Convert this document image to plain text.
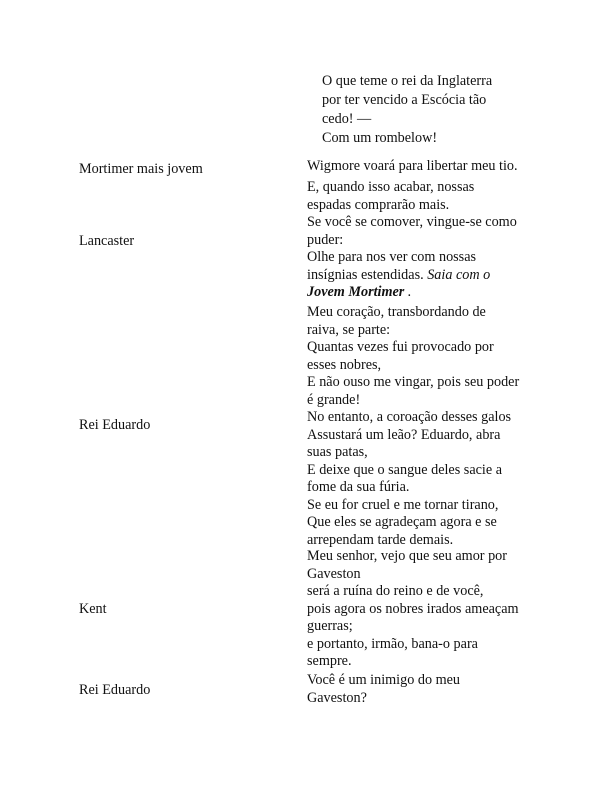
O que teme o rei da Inglaterra
por ter vencido a Escócia tão
cedo! —
Com um rombelow!
Mortimer mais jovem	Wigmore voará para libertar meu tio.
Lancaster
E, quando isso acabar, nossas
espadas comprarão mais.
Se você se comover, vingue-se como
puder:
Olhe para nos ver com nossas
insígnias estendidas. Saia com o
Jovem Mortimer .
Rei Eduardo
Meu coração, transbordando de
raiva, se parte:
Quantas vezes fui provocado por
esses nobres,
E não ouso me vingar, pois seu poder
é grande!
No entanto, a coroação desses galos
Assustará um leão? Eduardo, abra
suas patas,
E deixe que o sangue deles sacie a
fome da sua fúria.
Se eu for cruel e me tornar tirano,
Que eles se agradeçam agora e se
arrependam tarde demais.
Kent
Meu senhor, vejo que seu amor por
Gaveston
será a ruína do reino e de você,
pois agora os nobres irados ameaçam
guerras;
e portanto, irmão, bana-o para
sempre.
Rei Eduardo
Você é um inimigo do meu
Gaveston?
